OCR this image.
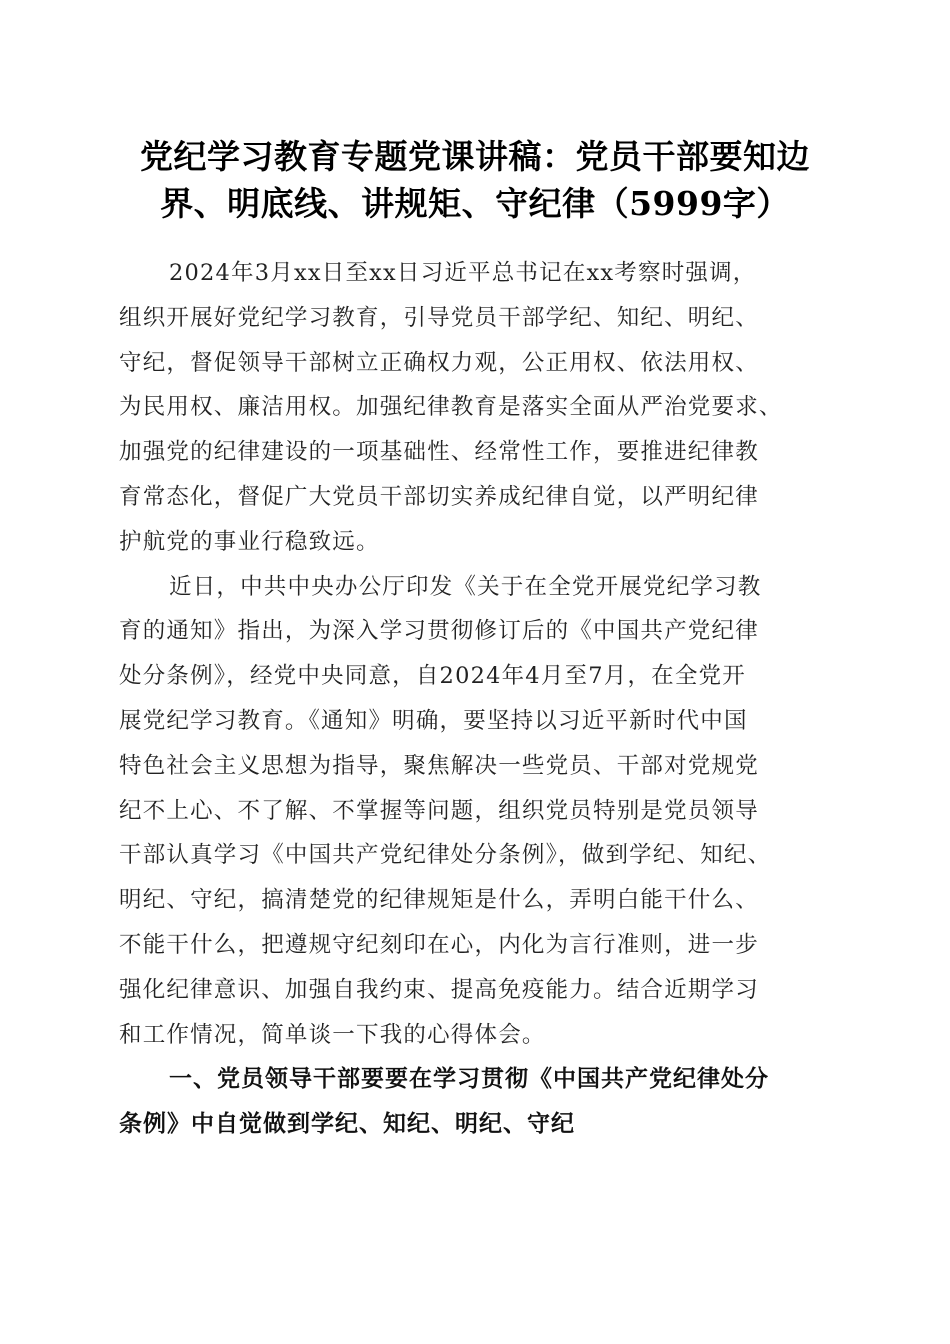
党纪学习教育专题党课讲稿：党员干部要知边
界、明底线、讲规矩、守纪律（5999字）
2024年3月xx日至xx日习近平总书记在xx考察时强调，
组织开展好党纪学习教育，引导党员干部学纪、知纪、明纪、
守纪，督促领导干部树立正确权力观，公正用权、依法用权、
为民用权、廉洁用权。加强纪律教育是落实全面从严治党要求、
加强党的纪律建设的一项基础性、经常性工作，要推进纪律教
育常态化，督促广大党员干部切实养成纪律自觉，以严明纪律
护航党的事业行稳致远。
近日，中共中央办公厅印发《关于在全党开展党纪学习教
育的通知》指出，为深入学习贯彻修订后的《中国共产党纪律
处分条例》，经党中央同意，自2024年4月至7月，在全党开
展党纪学习教育。《通知》明确，要坚持以习近平新时代中国
特色社会主义思想为指导，聚焦解决一些党员、干部对党规党
纪不上心、不了解、不掌握等问题，组织党员特别是党员领导
干部认真学习《中国共产党纪律处分条例》，做到学纪、知纪、
明纪、守纪，搞清楚党的纪律规矩是什么，弄明白能干什么、
不能干什么，把遵规守纪刻印在心，内化为言行准则，进一步
强化纪律意识、加强自我约束、提高免疫能力。结合近期学习
和工作情况，简单谈一下我的心得体会。
一、党员领导干部要要在学习贯彻《中国共产党纪律处分
条例》中自觉做到学纪、知纪、明纪、守纪
